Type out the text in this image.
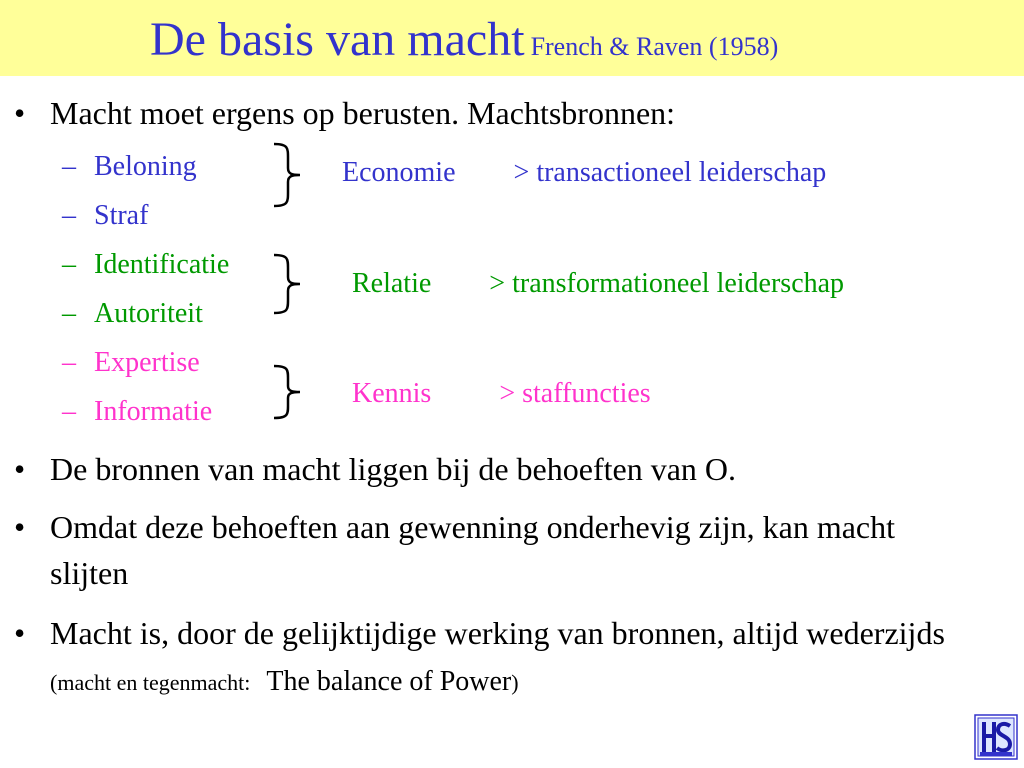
De basis van macht French & Raven (1958)
• Macht moet ergens op berusten. Machtsbronnen:
– Beloning
– Straf
– Identificatie
– Autoriteit
– Expertise
– Informatie
Economie > transactioneel leiderschap
Relatie > transformationeel leiderschap
Kennis > staffuncties
• De bronnen van macht liggen bij de behoeften van O.
• Omdat deze behoeften aan gewenning onderhevig zijn, kan macht slijten
• Macht is, door de gelijktijdige werking van bronnen, altijd wederzijds (macht en tegenmacht: The balance of Power)
